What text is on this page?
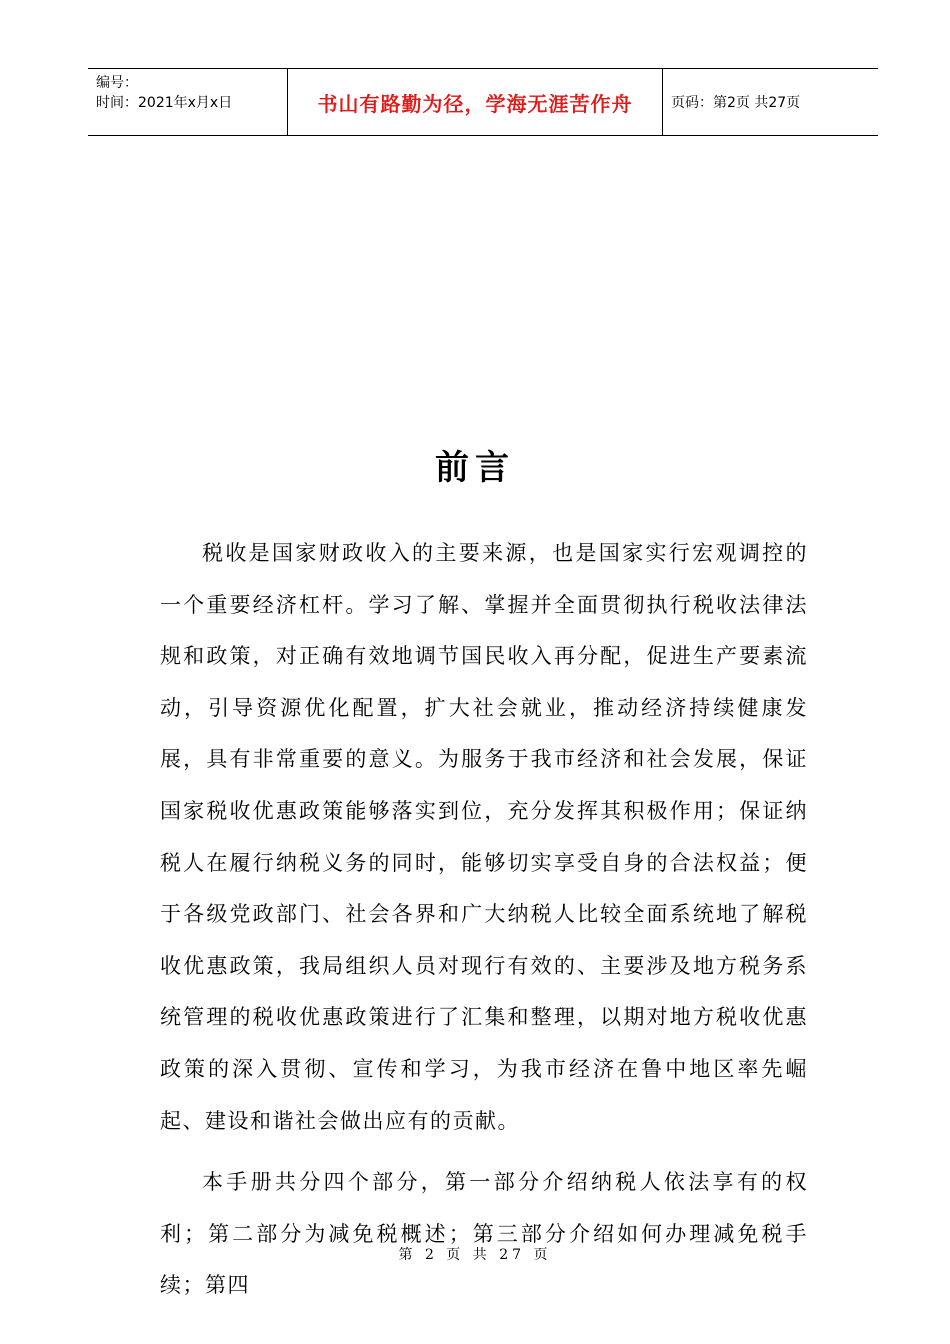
编号：
时间：2021年x月x日	书山有路勤为径，学海无涯苦作舟	页码：第2页 共27页
前言

税收是国家财政收入的主要来源，也是国家实行宏观调控的一个重要经济杠杆。学习了解、掌握并全面贯彻执行税收法律法规和政策，对正确有效地调节国民收入再分配，促进生产要素流动，引导资源优化配置，扩大社会就业，推动经济持续健康发展，具有非常重要的意义。为服务于我市经济和社会发展，保证国家税收优惠政策能够落实到位，充分发挥其积极作用；保证纳税人在履行纳税义务的同时，能够切实享受自身的合法权益；便于各级党政部门、社会各界和广大纳税人比较全面系统地了解税收优惠政策，我局组织人员对现行有效的、主要涉及地方税务系统管理的税收优惠政策进行了汇集和整理，以期对地方税收优惠政策的深入贯彻、宣传和学习，为我市经济在鲁中地区率先崛起、建设和谐社会做出应有的贡献。

本手册共分四个部分，第一部分介绍纳税人依法享有的权利；第二部分为减免税概述；第三部分介绍如何办理减免税手续；第四

第 2 页 共 27 页
